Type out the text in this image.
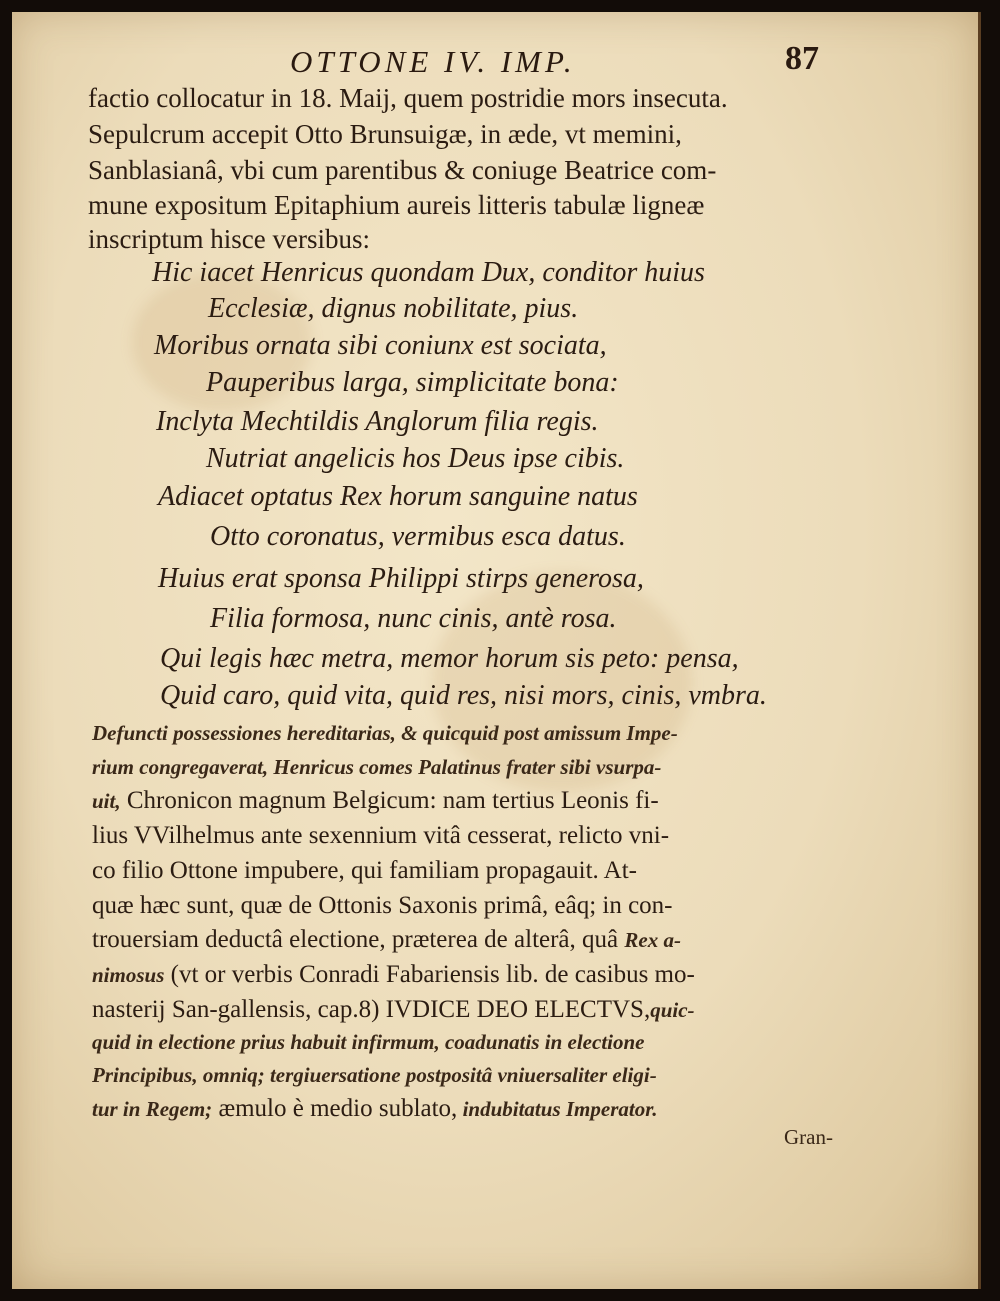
OTTONE IV. IMP.	87
factio collocatur in 18. Maij, quem postridie mors insecuta.
Sepulcrum accepit Otto Brunsuigæ, in æde, vt memini,
Sanblasianâ, vbi cum parentibus & coniuge Beatrice com-
mune expositum Epitaphium aureis litteris tabulæ ligneæ
inscriptum hisce versibus:
Hic iacet Henricus quondam Dux, conditor huius
Ecclesiæ, dignus nobilitate, pius.
Moribus ornata sibi coniunx est sociata,
Pauperibus larga, simplicitate bona:
Inclyta Mechtildis Anglorum filia regis.
Nutriat angelicis hos Deus ipse cibis.
Adiacet optatus Rex horum sanguine natus
Otto coronatus, vermibus esca datus.
Huius erat sponsa Philippi stirps generosa,
Filia formosa, nunc cinis, antè rosa.
Qui legis hæc metra, memor horum sis peto: pensa,
Quid caro, quid vita, quid res, nisi mors, cinis, vmbra.
Defuncti possessiones hereditarias, & quicquid post amissum Impe-
rium congregaverat, Henricus comes Palatinus frater sibi vsurpa-
uit, Chronicon magnum Belgicum: nam tertius Leonis fi-
lius VVilhelmus ante sexennium vitâ cesserat, relicto vni-
co filio Ottone impubere, qui familiam propagauit. At-
quæ hæc sunt, quæ de Ottonis Saxonis primâ, eâq; in con-
trouersiam deductâ electione, præterea de alterâ, quâ Rex a-
nimosus (vt or verbis Conradi Fabariensis lib. de casibus mo-
nasterij San-gallensis, cap.8) IVDICE DEO ELECTVS,quic-
quid in electione prius habuit infirmum, coadunatis in electione
Principibus, omniq; tergiuersatione postpositâ vniuersaliter eligi-
tur in Regem; æmulo è medio sublato, indubitatus Imperator.
Gran-
